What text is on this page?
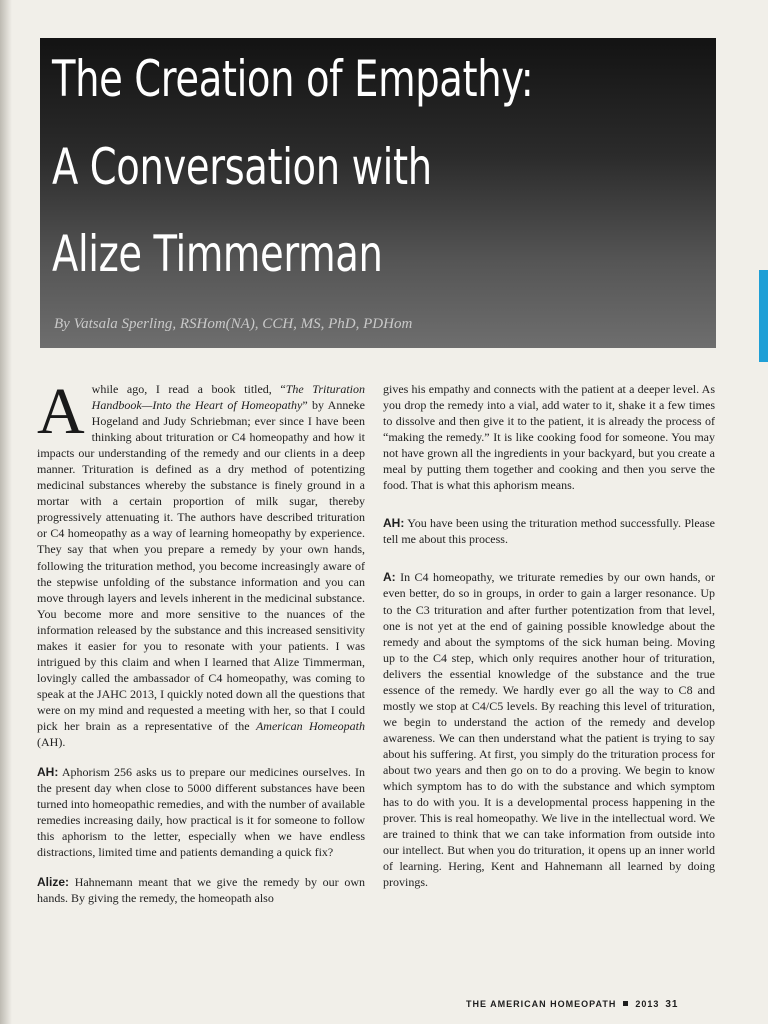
The Creation of Empathy:
A Conversation with
Alize Timmerman

By Vatsala Sperling, RSHom(NA), CCH, MS, PhD, PDHom

Awhile ago, I read a book titled, “The Trituration Handbook—Into the Heart of Homeopathy” by Anneke Hogeland and Judy Schriebman; ever since I have been thinking about trituration or C4 homeopathy and how it impacts our understanding of the remedy and our clients in a deep manner. Trituration is defined as a dry method of potentizing medicinal substances whereby the substance is finely ground in a mortar with a certain proportion of milk sugar, thereby progressively attenuating it. The authors have described trituration or C4 homeopathy as a way of learning homeopathy by experience. They say that when you prepare a remedy by your own hands, following the trituration method, you become increasingly aware of the stepwise unfolding of the substance information and you can move through layers and levels inherent in the medicinal substance. You become more and more sensitive to the nuances of the information released by the substance and this increased sensitivity makes it easier for you to resonate with your patients. I was intrigued by this claim and when I learned that Alize Timmerman, lovingly called the ambassador of C4 homeopathy, was coming to speak at the JAHC 2013, I quickly noted down all the questions that were on my mind and requested a meeting with her, so that I could pick her brain as a representative of the American Homeopath (AH).

AH: Aphorism 256 asks us to prepare our medicines ourselves. In the present day when close to 5000 different substances have been turned into homeopathic remedies, and with the number of available remedies increasing daily, how practical is it for someone to follow this aphorism to the letter, especially when we have endless distractions, limited time and patients demanding a quick fix?

Alize: Hahnemann meant that we give the remedy by our own hands. By giving the remedy, the homeopath also

gives his empathy and connects with the patient at a deeper level. As you drop the remedy into a vial, add water to it, shake it a few times to dissolve and then give it to the patient, it is already the process of “making the remedy.” It is like cooking food for someone. You may not have grown all the ingredients in your backyard, but you create a meal by putting them together and cooking and then you serve the food. That is what this aphorism means.

AH: You have been using the trituration method successfully. Please tell me about this process.

A: In C4 homeopathy, we triturate remedies by our own hands, or even better, do so in groups, in order to gain a larger resonance. Up to the C3 trituration and after further potentization from that level, one is not yet at the end of gaining possible knowledge about the remedy and about the symptoms of the sick human being. Moving up to the C4 step, which only requires another hour of trituration, delivers the essential knowledge of the substance and the true essence of the remedy. We hardly ever go all the way to C8 and mostly we stop at C4/C5 levels. By reaching this level of trituration, we begin to understand the action of the remedy and develop awareness. We can then understand what the patient is trying to say about his suffering. At first, you simply do the trituration process for about two years and then go on to do a proving. We begin to know which symptom has to do with the substance and which symptom has to do with you. It is a developmental process happening in the prover. This is real homeopathy. We live in the intellectual word. We are trained to think that we can take information from outside into our intellect. But when you do trituration, it opens up an inner world of learning. Hering, Kent and Hahnemann all learned by doing provings.

THE AMERICAN HOMEOPATH 2013 31
